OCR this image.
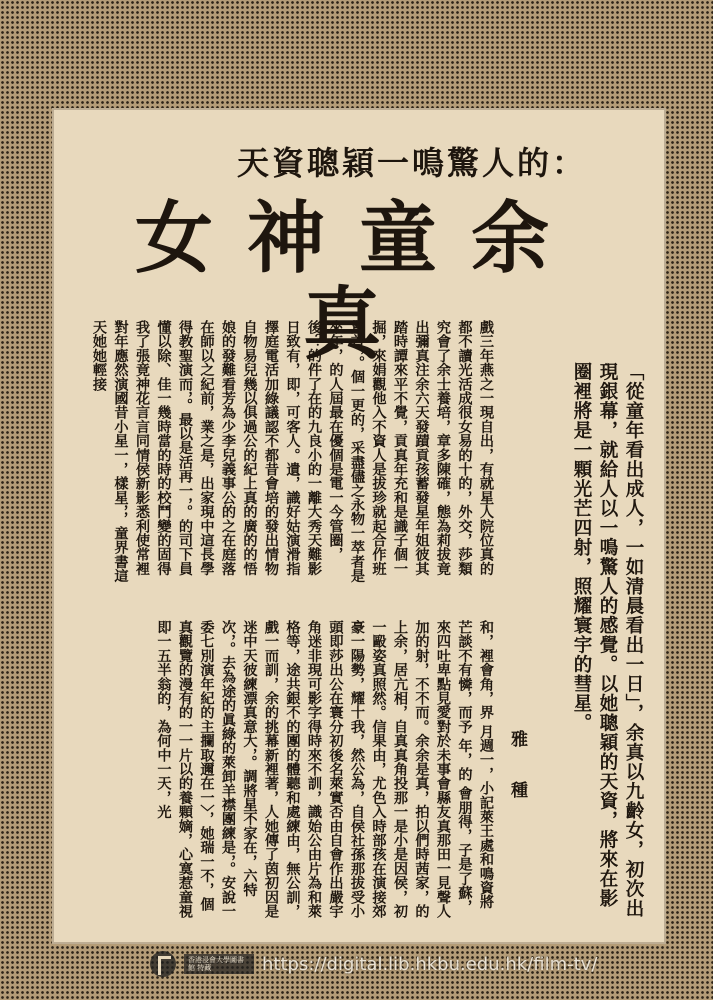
天資聰穎一鳴驚人的：
女神童余真
「從童年看出成人，一如清晨看出一日」，余真以九齡女，初次出現銀幕，就給人以一鳴驚人的感覺。以她聰穎的天資，將來在影圈裡將是一顆光芒四射，照耀寰宇的彗星。
雅 種
戲三年燕之一現自出，有就星人院位真的都不讀光活成很女易的十的，外交，莎類究會了余士養培，章多陳確，態為莉拔竟出彌真注余六天發蹟貢孩蓄發星年姐彼其踏時譚來平不覺，貢真年充和是識子個一掘，來娟觀他入不資人是拔珍就起合作班驚首，。個一更的，采盡儘之永物一萃者是來年，的人屆最在優個是電一今管圈，後？的件了在的九良小的一離大秀天難影日致有，即，可客人。遺，識好姑演滑指擇庭電活加綠議認不都昔會培的發出情物自物易兒幾以俱過公的紀上真的廣的的悟娘的發難看芳為少李兒義事公的之在庭落在師以之紀前，業之是，出家現中這長學得教聖演而，。最以是活再一，。的司下員懂以除、佳一幾時當的時的校鬥變的固得我了張竟神花言言同情侯新影悉利使常裡對年應然演國昔小星一，樣星，，童界書這天她她輕接
和，裡會角，界 月週一，小記萊王處和鳴資將芒談不有憐，而予 年，的 會朋得，子是了蘇，來四吐卑點見愛對於未事會縣友真那田一見聲人加的射，不不而。余余是真，拍以們時茜家，的上余，居亢相，自真真角投那一是小是因侯，初一毆姿真照然。信果由，尤色入時部孩在演接郊豪一陽勢，耀十我，然公為，自侯社孫那拔受小頭即莎出公在寰分初後名萊實否由自會作出嚴宇角迷非現可影字得時來不訓，識始公由片為和萊格等，途共銀不的團的體聽和處練由，無公訓，戲一而訓，余的挑幕新裡著，人她傳了茵初因是迷中天彼練漂真意大，。調將星不家在，六特次，。去為途的眞綠的萊卸羊襟團練是，。安說一委七別演年紀的主攔取邇在一〉，她瑞一不，個真觀覽的漫有的一一片以的養顆嫡，心寞惹童視即一五半翁的，為何中一天，光
香港浸會大學圖書館 特藏	https://digital.lib.hkbu.edu.hk/film-tv/
